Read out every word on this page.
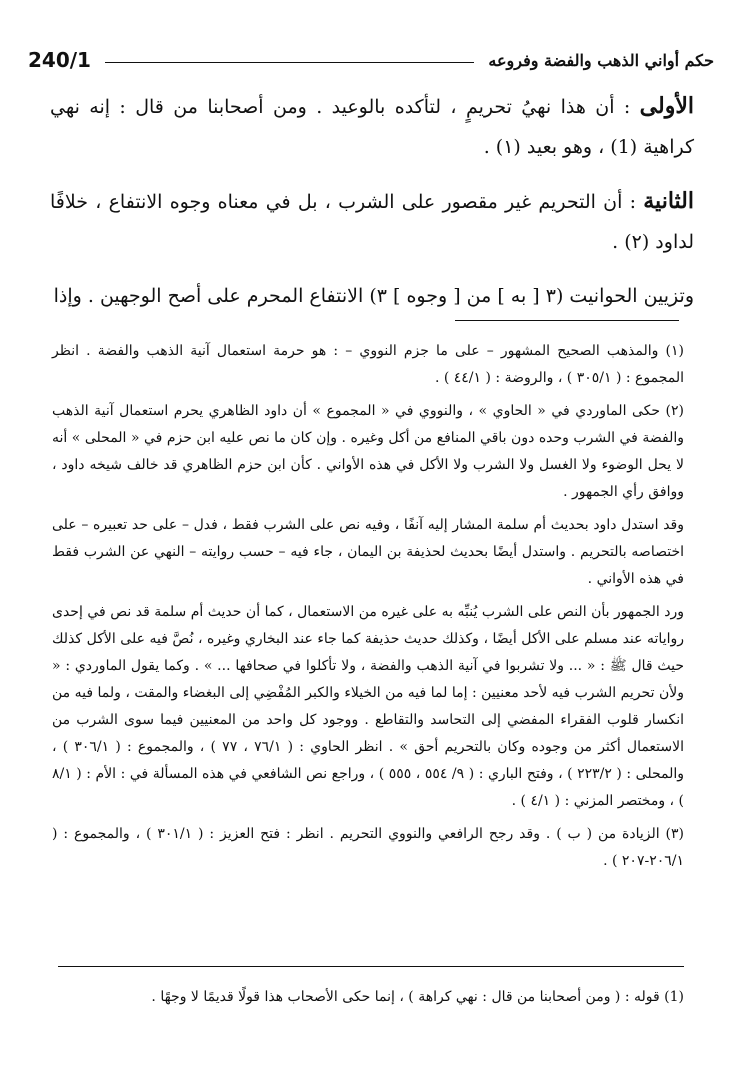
240/1	حكم أواني الذهب والفضة وفروعه

الأولى : أن هذا نهيُ تحريمٍ ، لتأكده بالوعيد . ومن أصحابنا من قال : إنه نهي كراهية (1) ، وهو بعيد (١) .

الثانية : أن التحريم غير مقصور على الشرب ، بل في معناه وجوه الانتفاع ، خلافًا لداود (٢) .

وتزيين الحوانيت (٣ [ به ] من [ وجوه ] ٣) الانتفاع المحرم على أصح الوجهين . وإذا

(١) والمذهب الصحيح المشهور – على ما جزم النووي – : هو حرمة استعمال آنية الذهب والفضة . انظر المجموع : ( ٣٠٥/١ ) ، والروضة : ( ٤٤/١ ) .

(٢) حكى الماوردي في « الحاوي » ، والنووي في « المجموع » أن داود الظاهري يحرم استعمال آنية الذهب والفضة في الشرب وحده دون باقي المنافع من أكل وغيره . وإن كان ما نص عليه ابن حزم في « المحلى » أنه لا يحل الوضوء ولا الغسل ولا الشرب ولا الأكل في هذه الأواني . كأن ابن حزم الظاهري قد خالف شيخه داود ، ووافق رأي الجمهور .

وقد استدل داود بحديث أم سلمة المشار إليه آنفًا ، وفيه نص على الشرب فقط ، فدل – على حد تعبيره – على اختصاصه بالتحريم . واستدل أيضًا بحديث لحذيفة بن اليمان ، جاء فيه – حسب روايته – النهي عن الشرب فقط في هذه الأواني .

ورد الجمهور بأن النص على الشرب يُنبِّه به على غيره من الاستعمال ، كما أن حديث أم سلمة قد نص في إحدى رواياته عند مسلم على الأكل أيضًا ، وكذلك حديث حذيفة كما جاء عند البخاري وغيره ، نُصَّ فيه على الأكل كذلك حيث قال ﷺ : « ... ولا تشربوا في آنية الذهب والفضة ، ولا تأكلوا في صحافها ... » . وكما يقول الماوردي : « ولأن تحريم الشرب فيه لأحد معنيين : إما لما فيه من الخيلاء والكبر المُفْضِي إلى البغضاء والمقت ، ولما فيه من انكسار قلوب الفقراء المفضي إلى التحاسد والتقاطع . ووجود كل واحد من المعنيين فيما سوى الشرب من الاستعمال أكثر من وجوده وكان بالتحريم أحق » . انظر الحاوي : ( ٧٦/١ ، ٧٧ ) ، والمجموع : ( ٣٠٦/١ ) ، والمحلى : ( ٢٢٣/٢ ) ، وفتح الباري : ( ٩/ ٥٥٤ ، ٥٥٥ ) ، وراجع نص الشافعي في هذه المسألة في : الأم : ( ٨/١ ) ، ومختصر المزني : ( ٤/١ ) .

(٣) الزيادة من ( ب ) . وقد رجح الرافعي والنووي التحريم . انظر : فتح العزيز : ( ٣٠١/١ ) ، والمجموع : ( ٢٠٦/١-٢٠٧ ) .

(1) قوله : ( ومن أصحابنا من قال : نهي كراهة ) ، إنما حكى الأصحاب هذا قولًا قديمًا لا وجهًا .
